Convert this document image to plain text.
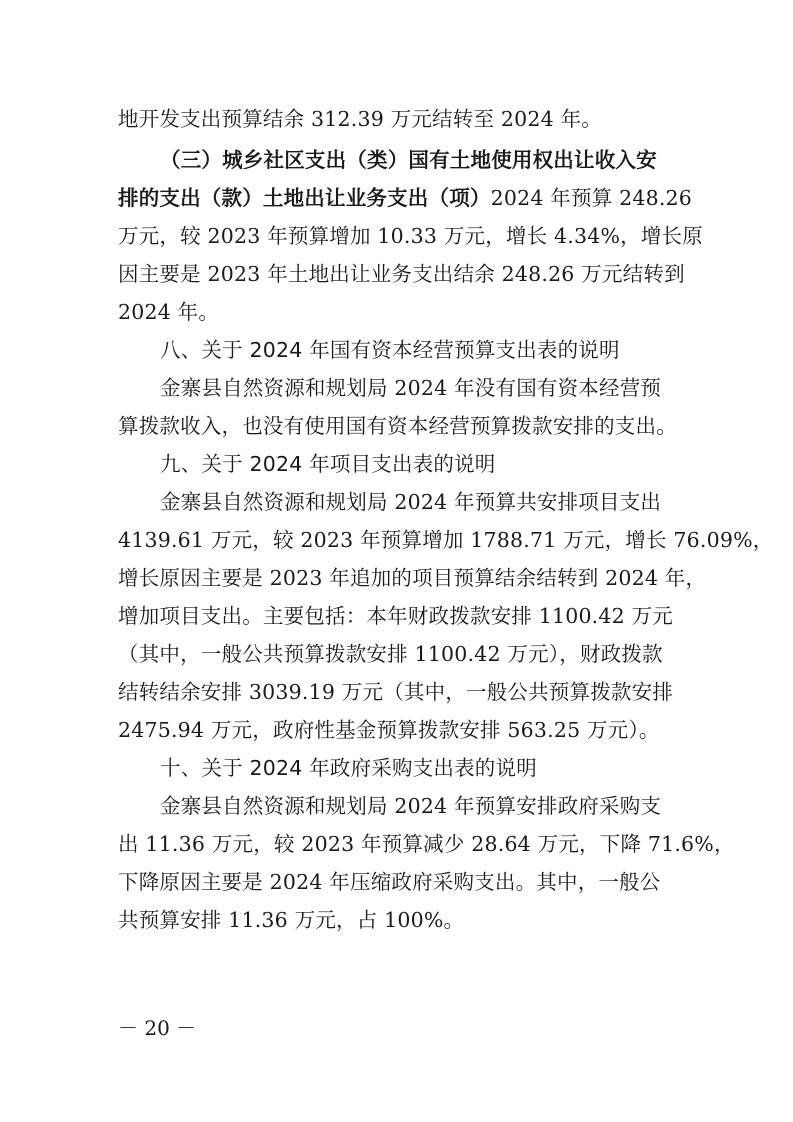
地开发支出预算结余 312.39 万元结转至 2024 年。
（三）城乡社区支出（类）国有土地使用权出让收入安
排的支出（款）土地出让业务支出（项）2024 年预算 248.26
万元，较 2023 年预算增加 10.33 万元，增长 4.34%，增长原
因主要是 2023 年土地出让业务支出结余 248.26 万元结转到
2024 年。
八、关于 2024 年国有资本经营预算支出表的说明
金寨县自然资源和规划局 2024 年没有国有资本经营预
算拨款收入，也没有使用国有资本经营预算拨款安排的支出。
九、关于 2024 年项目支出表的说明
金寨县自然资源和规划局 2024 年预算共安排项目支出
4139.61 万元，较 2023 年预算增加 1788.71 万元，增长 76.09%，
增长原因主要是 2023 年追加的项目预算结余结转到 2024 年，
增加项目支出。主要包括：本年财政拨款安排 1100.42 万元
（其中，一般公共预算拨款安排 1100.42 万元），财政拨款
结转结余安排 3039.19 万元（其中，一般公共预算拨款安排
2475.94 万元，政府性基金预算拨款安排 563.25 万元）。
十、关于 2024 年政府采购支出表的说明
金寨县自然资源和规划局 2024 年预算安排政府采购支
出 11.36 万元，较 2023 年预算减少 28.64 万元，下降 71.6%，
下降原因主要是 2024 年压缩政府采购支出。其中，一般公
共预算安排 11.36 万元，占 100%。
－ 20 －
